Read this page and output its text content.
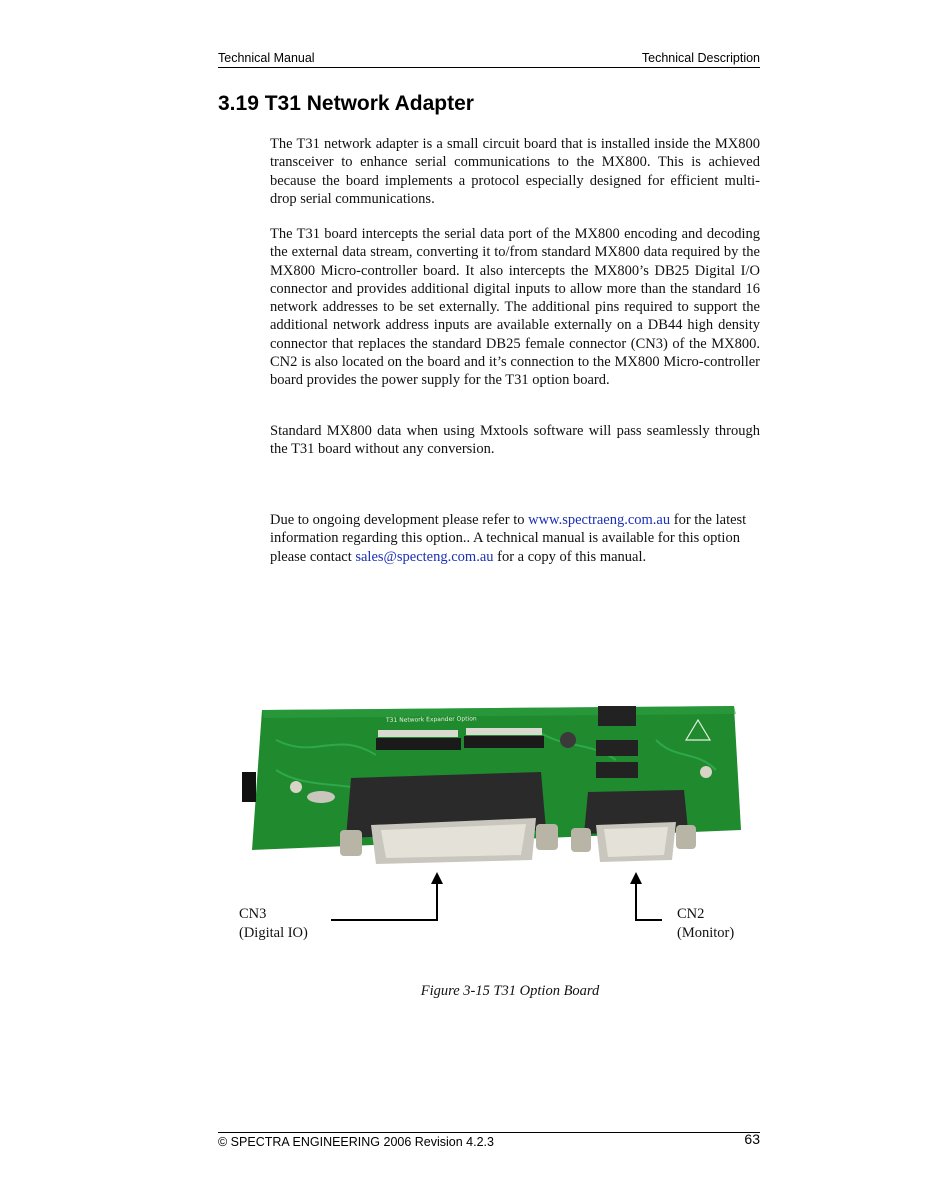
Technical Manual	Technical Description
3.19 T31 Network Adapter

The T31 network adapter is a small circuit board that is installed inside the MX800 transceiver to enhance serial communications to the MX800. This is achieved because the board implements a protocol especially designed for efficient multi-drop serial communications.

The T31 board intercepts the serial data port of the MX800 encoding and decoding the external data stream, converting it to/from standard MX800 data required by the MX800 Micro-controller board. It also intercepts the MX800’s DB25 Digital I/O connector and provides additional digital inputs to allow more than the standard 16 network addresses to be set externally. The additional pins required to support the additional network address inputs are available externally on a DB44 high density connector that replaces the standard DB25 female connector (CN3) of the MX800. CN2 is also located on the board and it’s connection to the MX800 Micro-controller board provides the power supply for the T31 option board.

Standard MX800 data when using Mxtools software will pass seamlessly through the T31 board without any conversion.

Due to ongoing development please refer to www.spectraeng.com.au for the latest information regarding this option.. A technical manual is available for this option please contact sales@specteng.com.au for a copy of this manual.

T31 Network Expander Option
CN3
(Digital IO)
CN2
(Monitor)
Figure 3-15 T31 Option Board
© SPECTRA ENGINEERING 2006 Revision 4.2.3	63
